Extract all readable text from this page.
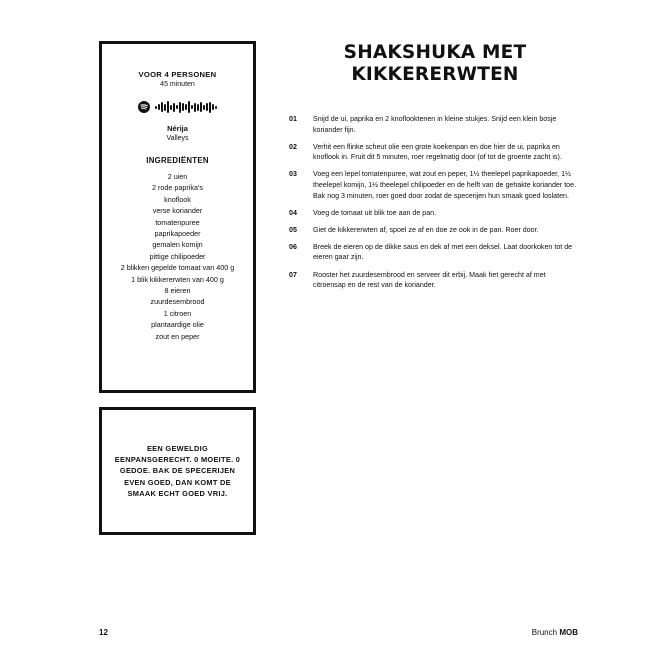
VOOR 4 PERSONEN
45 minuten
Nérija
Valleys
INGREDIËNTEN
2 uien
2 rode paprika's
knoflook
verse koriander
tomatenpuree
paprikapoeder
gemalen komijn
pittige chilipoeder
2 blikken gepelde tomaat van 400 g
1 blik kikkererwten van 400 g
8 eieren
zuurdesembrood
1 citroen
plantaardige olie
zout en peper
EEN GEWELDIG EENPANSGERECHT. 0 MOEITE. 0 GEDOE. BAK DE SPECERIJEN EVEN GOED, DAN KOMT DE SMAAK ECHT GOED VRIJ.
SHAKSHUKA MET KIKKERERWTEN
01	Snijd de ui, paprika en 2 knoflooktenen in kleine stukjes. Snijd een klein bosje koriander fijn.
02	Verhit een flinke scheut olie een grote koekenpan en doe hier de ui, paprika en knoflook in. Fruit dit 5 minuten, roer regelmatig door (of tot de groente zacht is).
03	Voeg een lepel tomatenpuree, wat zout en peper, 1½ theelepel paprikapoeder, 1½ theelepel komijn, 1½ theelepel chilipoeder en de helft van de gehakte koriander toe. Bak nog 3 minuten, roer goed door zodat de specerijen hun smaak goed loslaten.
04	Voeg de tomaat uit blik toe aan de pan.
05	Giet de kikkererwten af, spoel ze af en doe ze ook in de pan. Roer door.
06	Breek de eieren op de dikke saus en dek af met een deksel. Laat doorkoken tot de eieren gaar zijn.
07	Rooster het zuurdesembrood en serveer dit erbij. Maak het gerecht af met citroensap en de rest van de koriander.
12	Brunch MOB
